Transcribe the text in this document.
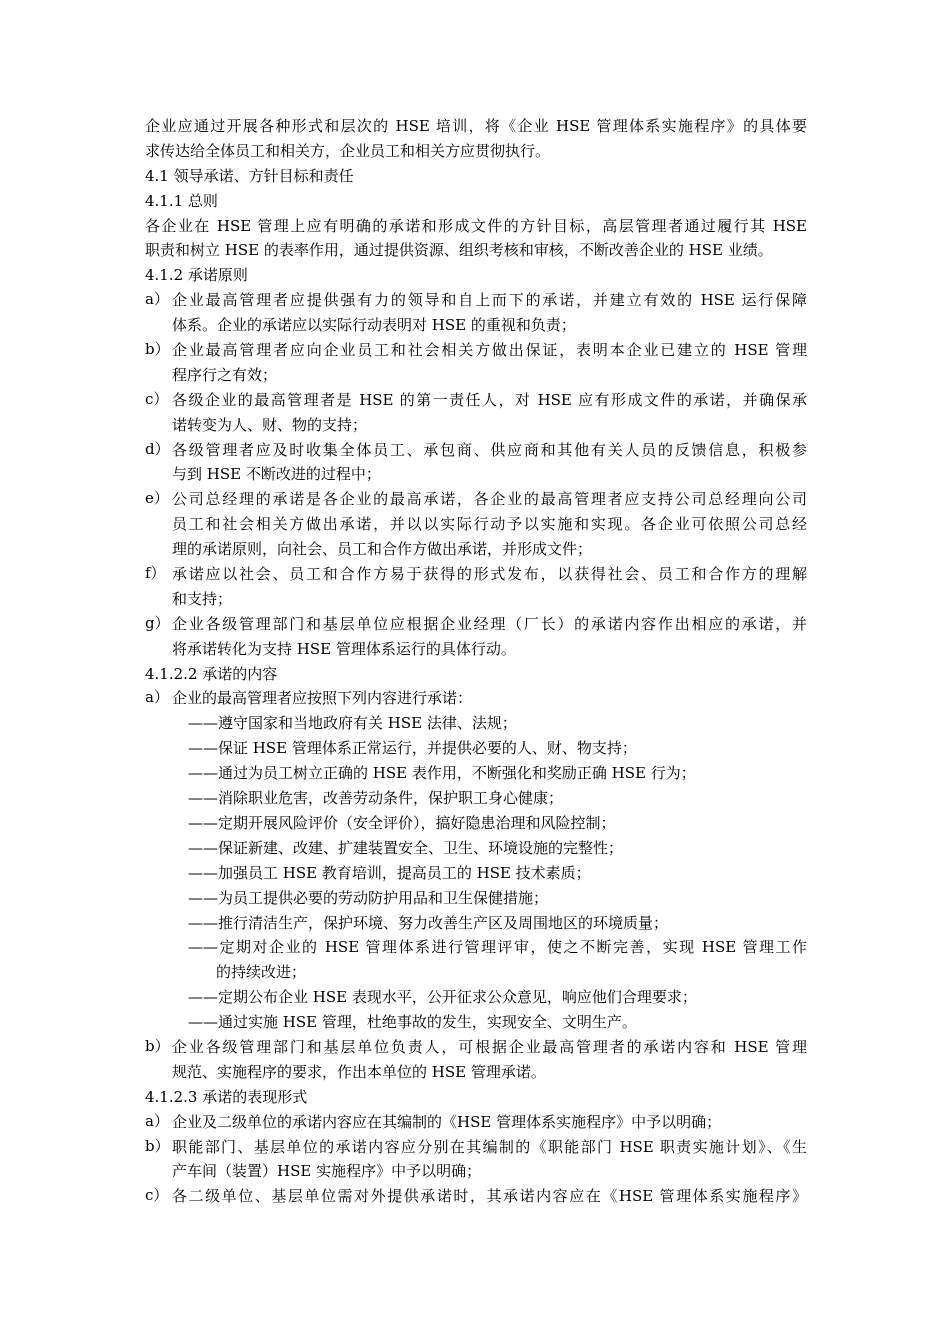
企业应通过开展各种形式和层次的 HSE 培训，将《企业 HSE 管理体系实施程序》的具体要
求传达给全体员工和相关方，企业员工和相关方应贯彻执行。
4.1 领导承诺、方针目标和责任
4.1.1 总则
各企业在 HSE 管理上应有明确的承诺和形成文件的方针目标，高层管理者通过履行其 HSE
职责和树立 HSE 的表率作用，通过提供资源、组织考核和审核，不断改善企业的 HSE 业绩。
4.1.2 承诺原则
a） 企业最高管理者应提供强有力的领导和自上而下的承诺，并建立有效的 HSE 运行保障
体系。企业的承诺应以实际行动表明对 HSE 的重视和负责；
b） 企业最高管理者应向企业员工和社会相关方做出保证，表明本企业已建立的 HSE 管理
程序行之有效；
c） 各级企业的最高管理者是 HSE 的第一责任人，对 HSE 应有形成文件的承诺，并确保承
诺转变为人、财、物的支持；
d） 各级管理者应及时收集全体员工、承包商、供应商和其他有关人员的反馈信息，积极参
与到 HSE 不断改进的过程中；
e） 公司总经理的承诺是各企业的最高承诺，各企业的最高管理者应支持公司总经理向公司
员工和社会相关方做出承诺，并以以实际行动予以实施和实现。各企业可依照公司总经
理的承诺原则，向社会、员工和合作方做出承诺，并形成文件；
f） 承诺应以社会、员工和合作方易于获得的形式发布，以获得社会、员工和合作方的理解
和支持；
g） 企业各级管理部门和基层单位应根据企业经理（厂长）的承诺内容作出相应的承诺，并
将承诺转化为支持 HSE 管理体系运行的具体行动。
4.1.2.2 承诺的内容
a） 企业的最高管理者应按照下列内容进行承诺：
——遵守国家和当地政府有关 HSE 法律、法规；
——保证 HSE 管理体系正常运行，并提供必要的人、财、物支持；
——通过为员工树立正确的 HSE 表作用，不断强化和奖励正确 HSE 行为；
——消除职业危害，改善劳动条件，保护职工身心健康；
——定期开展风险评价（安全评价），搞好隐患治理和风险控制；
——保证新建、改建、扩建装置安全、卫生、环境设施的完整性；
——加强员工 HSE 教育培训，提高员工的 HSE 技术素质；
——为员工提供必要的劳动防护用品和卫生保健措施；
——推行清洁生产，保护环境、努力改善生产区及周围地区的环境质量；
——定期对企业的 HSE 管理体系进行管理评审，使之不断完善，实现 HSE 管理工作
的持续改进；
——定期公布企业 HSE 表现水平，公开征求公众意见，响应他们合理要求；
——通过实施 HSE 管理，杜绝事故的发生，实现安全、文明生产。
b） 企业各级管理部门和基层单位负责人，可根据企业最高管理者的承诺内容和 HSE 管理
规范、实施程序的要求，作出本单位的 HSE 管理承诺。
4.1.2.3 承诺的表现形式
a） 企业及二级单位的承诺内容应在其编制的《HSE 管理体系实施程序》中予以明确；
b） 职能部门、基层单位的承诺内容应分别在其编制的《职能部门 HSE 职责实施计划》、《生
产车间（装置）HSE 实施程序》中予以明确；
c） 各二级单位、基层单位需对外提供承诺时，其承诺内容应在《HSE 管理体系实施程序》
